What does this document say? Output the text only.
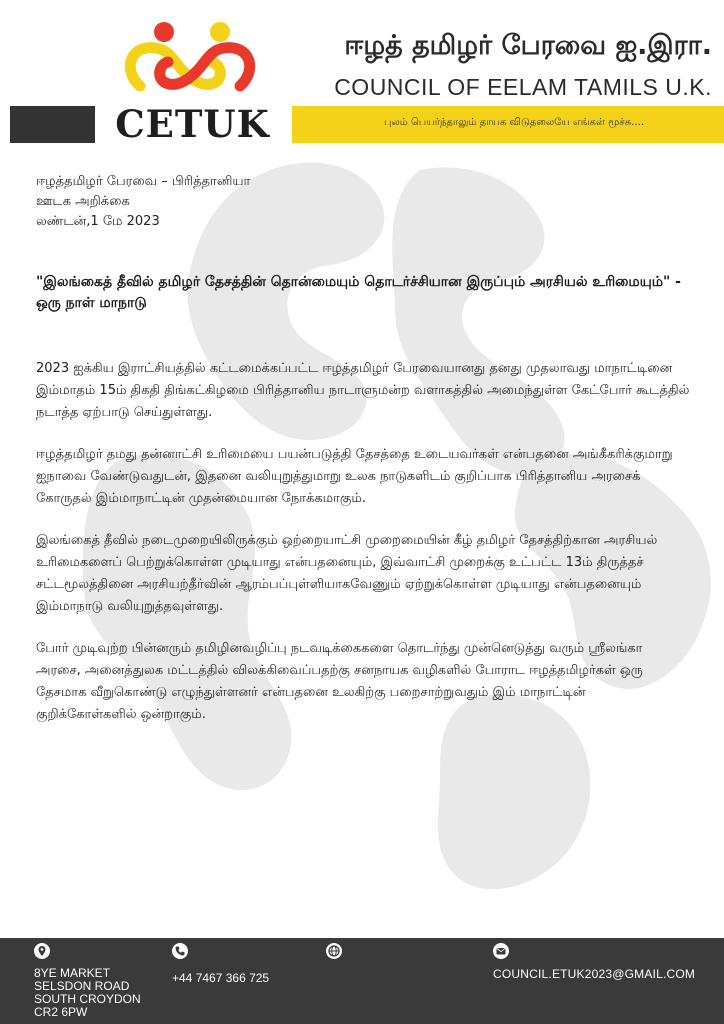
CETUK
ஈழத் தமிழர் பேரவை ஐ.இரா.
COUNCIL OF EELAM TAMILS U.K.
புலம் பெயர்ந்தாலும் தாயக விடுதலையே எங்கள் மூச்சு....
ஈழத்தமிழர் பேரவை – பிரித்தானியா
ஊடக அறிக்கை
லண்டன்,1 மே 2023
"இலங்கைத் தீவில் தமிழர் தேசத்தின் தொன்மையும் தொடர்ச்சியான இருப்பும் அரசியல் உரிமையும்" - ஒரு நாள் மாநாடு

2023 ஐக்கிய இராட்சியத்தில் கட்டமைக்கப்பட்ட ஈழத்தமிழர் பேரவையானது தனது முதலாவது மாநாட்டினை இம்மாதம் 15ம் திகதி திங்கட்கிழமை பிரித்தானிய நாடாளுமன்ற வளாகத்தில் அமைந்துள்ள கேட்போர் கூடத்தில் நடாத்த ஏற்பாடு செய்துள்ளது.

ஈழத்தமிழர் தமது தன்னாட்சி உரிமையை பயன்படுத்தி தேசத்தை உடையவர்கள் என்பதனை அங்கீகரிக்குமாறு ஐநாவை வேண்டுவதுடன், இதனை வலியுறுத்துமாறு உலக நாடுகளிடம் குறிப்பாக பிரித்தானிய அரசைக் கோருதல் இம்மாநாட்டின் முதன்மையான நோக்கமாகும்.

இலங்கைத் தீவில் நடைமுறையிலிருக்கும் ஒற்றையாட்சி முறைமையின் கீழ் தமிழர் தேசத்திற்கான அரசியல் உரிமைகளைப் பெற்றுக்கொள்ள முடியாது என்பதனையும், இவ்வாட்சி முறைக்கு உட்பட்ட 13ம் திருத்தச் சட்டமூலத்தினை அரசியற்தீர்வின் ஆரம்பப்புள்ளியாகவேணும் ஏற்றுக்கொள்ள முடியாது என்பதனையும் இம்மாநாடு வலியுறுத்தவுள்ளது.

போர் முடிவுற்ற பின்னரும் தமிழினவழிப்பு நடவடிக்கைகளை தொடர்ந்து முன்னெடுத்து வரும் ஸ்ரீலங்கா அரசை, அனைத்துலக மட்டத்தில் விலக்கிவைப்பதற்கு சனநாயக வழிகளில் போராட ஈழத்தமிழர்கள் ஒரு தேசமாக வீறுகொண்டு எழுந்துள்ளனர் என்பதனை உலகிற்கு பறைசாற்றுவதும் இம் மாநாட்டின் குறிக்கோள்களில் ஒன்றாகும்.

8YE MARKET
SELSDON ROAD
SOUTH CROYDON
CR2 6PW
+44 7467 366 725	COUNCIL.ETUK2023@GMAIL.COM
